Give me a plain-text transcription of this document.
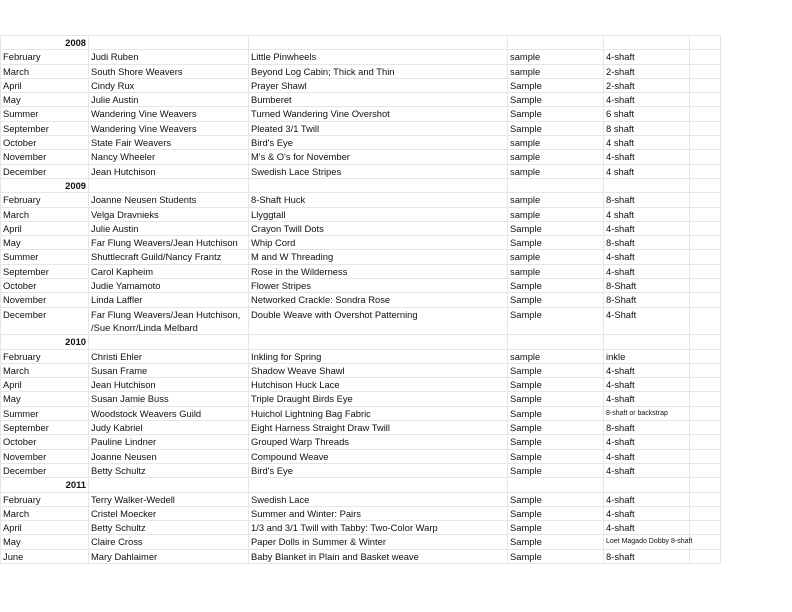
2008					
February	Judi Ruben	Little Pinwheels	sample	4-shaft	
March	South Shore Weavers	Beyond Log Cabin; Thick and Thin	sample	2-shaft	
April	Cindy Rux	Prayer Shawl	Sample	2-shaft	
May	Julie Austin	Bumberet	Sample	4-shaft	
Summer	Wandering Vine Weavers	Turned Wandering Vine Overshot	Sample	6 shaft	
September	Wandering Vine Weavers	Pleated 3/1 Twill	Sample	8 shaft	
October	State Fair Weavers	Bird's Eye	sample	4 shaft	
November	Nancy Wheeler	M's & O's for November	sample	4-shaft	
December	Jean Hutchison	Swedish Lace Stripes	sample	4 shaft	
2009					
February	Joanne Neusen Students	8-Shaft Huck	sample	8-shaft	
March	Velga Dravnieks	Llyggtall	sample	4 shaft	
April	Julie Austin	Crayon Twill Dots	Sample	4-shaft	
May	Far Flung Weavers/Jean Hutchison	Whip Cord	Sample	8-shaft	
Summer	Shuttlecraft Guild/Nancy Frantz	M and W Threading	sample	4-shaft	
September	Carol Kapheim	Rose in the Wilderness	sample	4-shaft	
October	Judie Yamamoto	Flower Stripes	Sample	8-Shaft	
November	Linda Laffler	Networked Crackle: Sondra Rose	Sample	8-Shaft	
December	Far Flung Weavers/Jean Hutchison, /Sue Knorr/Linda Melbard	Double Weave with Overshot Patterning	Sample	4-Shaft	
2010					
February	Christi Ehler	Inkling for Spring	sample	inkle	
March	Susan Frame	Shadow Weave Shawl	Sample	4-shaft	
April	Jean Hutchison	Hutchison Huck Lace	Sample	4-shaft	
May	Susan Jamie Buss	Triple Draught Birds Eye	Sample	4-shaft	
Summer	Woodstock Weavers Guild	Huichol Lightning Bag Fabric	Sample	8-shaft or backstrap	
September	Judy Kabriel	Eight Harness Straight Draw Twill	Sample	8-shaft	
October	Pauline Lindner	Grouped Warp Threads	Sample	4-shaft	
November	Joanne Neusen	Compound Weave	Sample	4-shaft	
December	Betty Schultz	Bird's Eye	Sample	4-shaft	
2011					
February	Terry Walker-Wedell	Swedish Lace	Sample	4-shaft	
March	Cristel Moecker	Summer and Winter: Pairs	Sample	4-shaft	
April	Betty Schultz	1/3 and 3/1 Twill with Tabby: Two-Color Warp	Sample	4-shaft	
May	Claire Cross	Paper Dolls in Summer & Winter	Sample	Loet Magado Dobby 8-shaft	
June	Mary Dahlaimer	Baby Blanket in Plain and Basket weave	Sample	8-shaft	
